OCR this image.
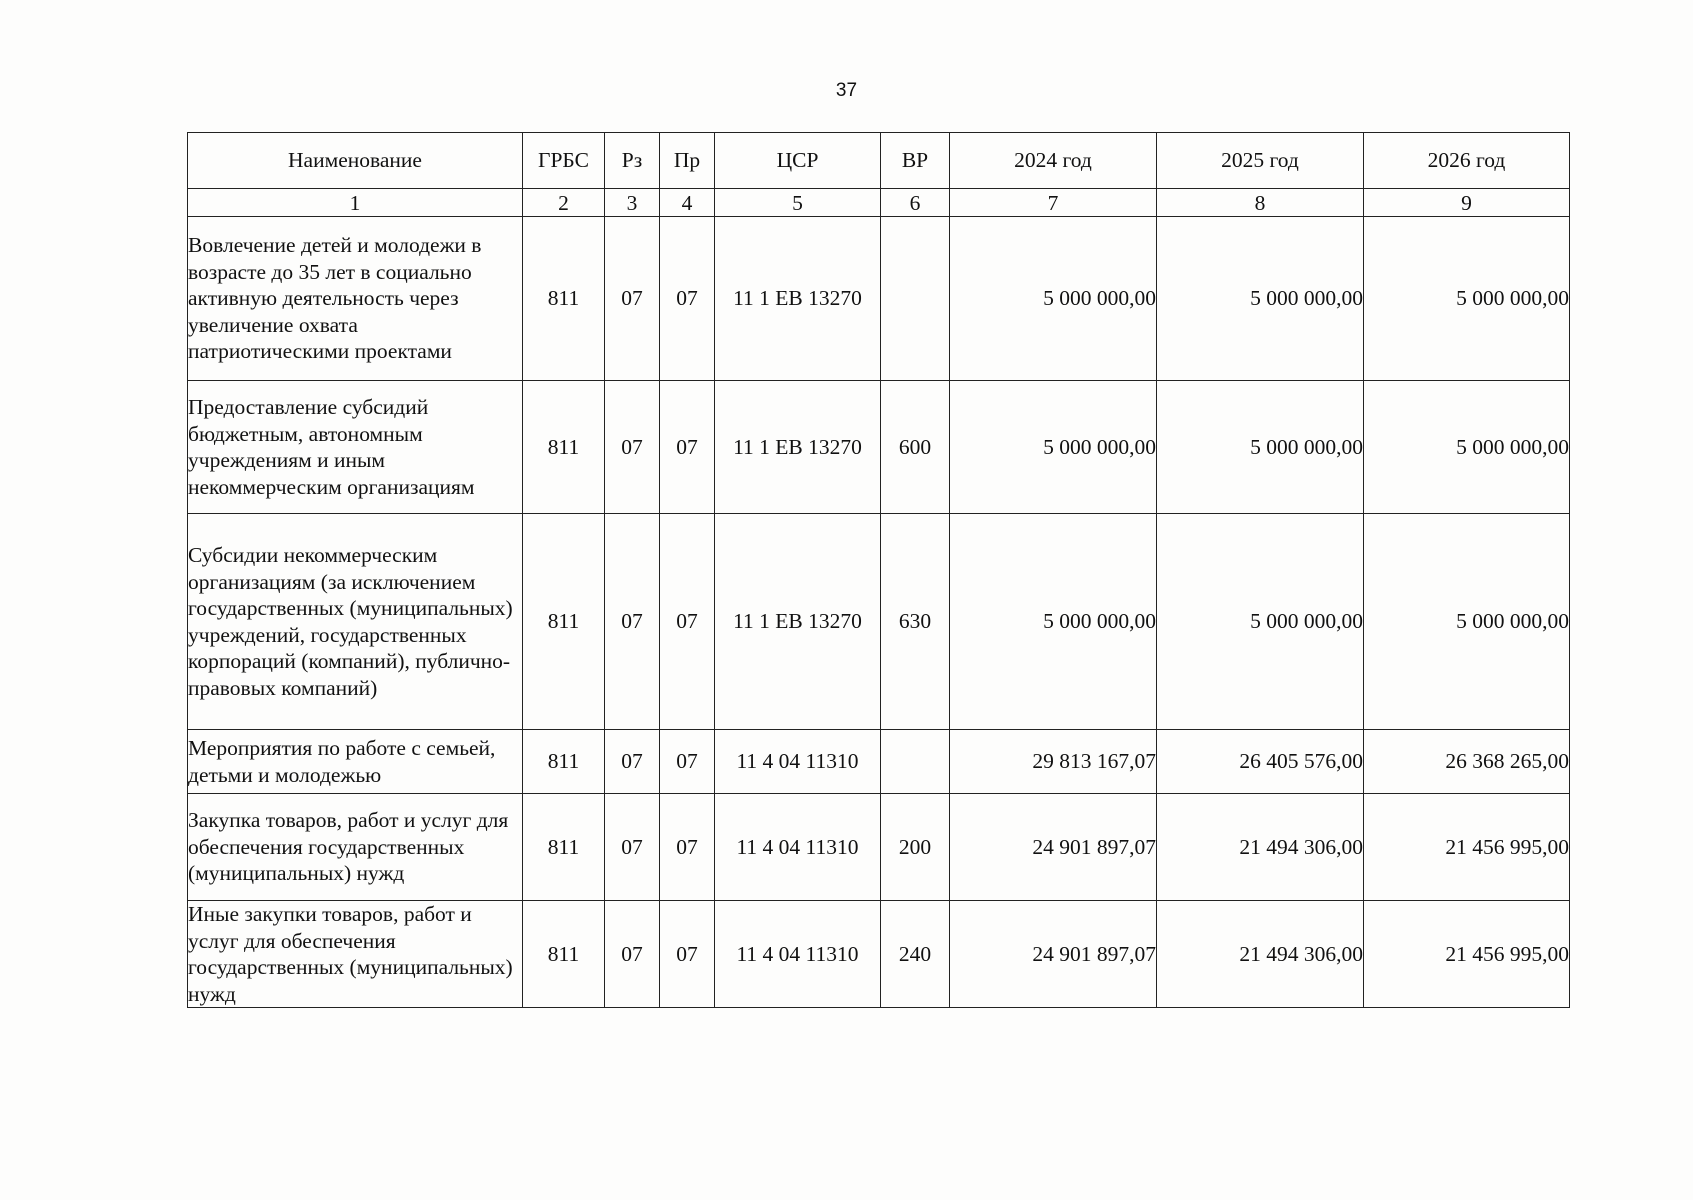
37
Наименование	ГРБС	Рз	Пр	ЦСР	ВР	2024 год	2025 год	2026 год
1	2	3	4	5	6	7	8	9
Вовлечение детей и молодежи в возрасте до 35 лет в социально активную деятельность через увеличение охвата патриотическими проектами	811	07	07	11 1 EB 13270		5 000 000,00	5 000 000,00	5 000 000,00
Предоставление субсидий бюджетным, автономным учреждениям и иным некоммерческим организациям	811	07	07	11 1 EB 13270	600	5 000 000,00	5 000 000,00	5 000 000,00
Субсидии некоммерческим организациям (за исключением государственных (муниципальных) учреждений, государственных корпораций (компаний), публично-правовых компаний)	811	07	07	11 1 EB 13270	630	5 000 000,00	5 000 000,00	5 000 000,00
Мероприятия по работе с семьей, детьми и молодежью	811	07	07	11 4 04 11310		29 813 167,07	26 405 576,00	26 368 265,00
Закупка товаров, работ и услуг для обеспечения государственных (муниципальных) нужд	811	07	07	11 4 04 11310	200	24 901 897,07	21 494 306,00	21 456 995,00
Иные закупки товаров, работ и услуг для обеспечения государственных (муниципальных) нужд	811	07	07	11 4 04 11310	240	24 901 897,07	21 494 306,00	21 456 995,00
